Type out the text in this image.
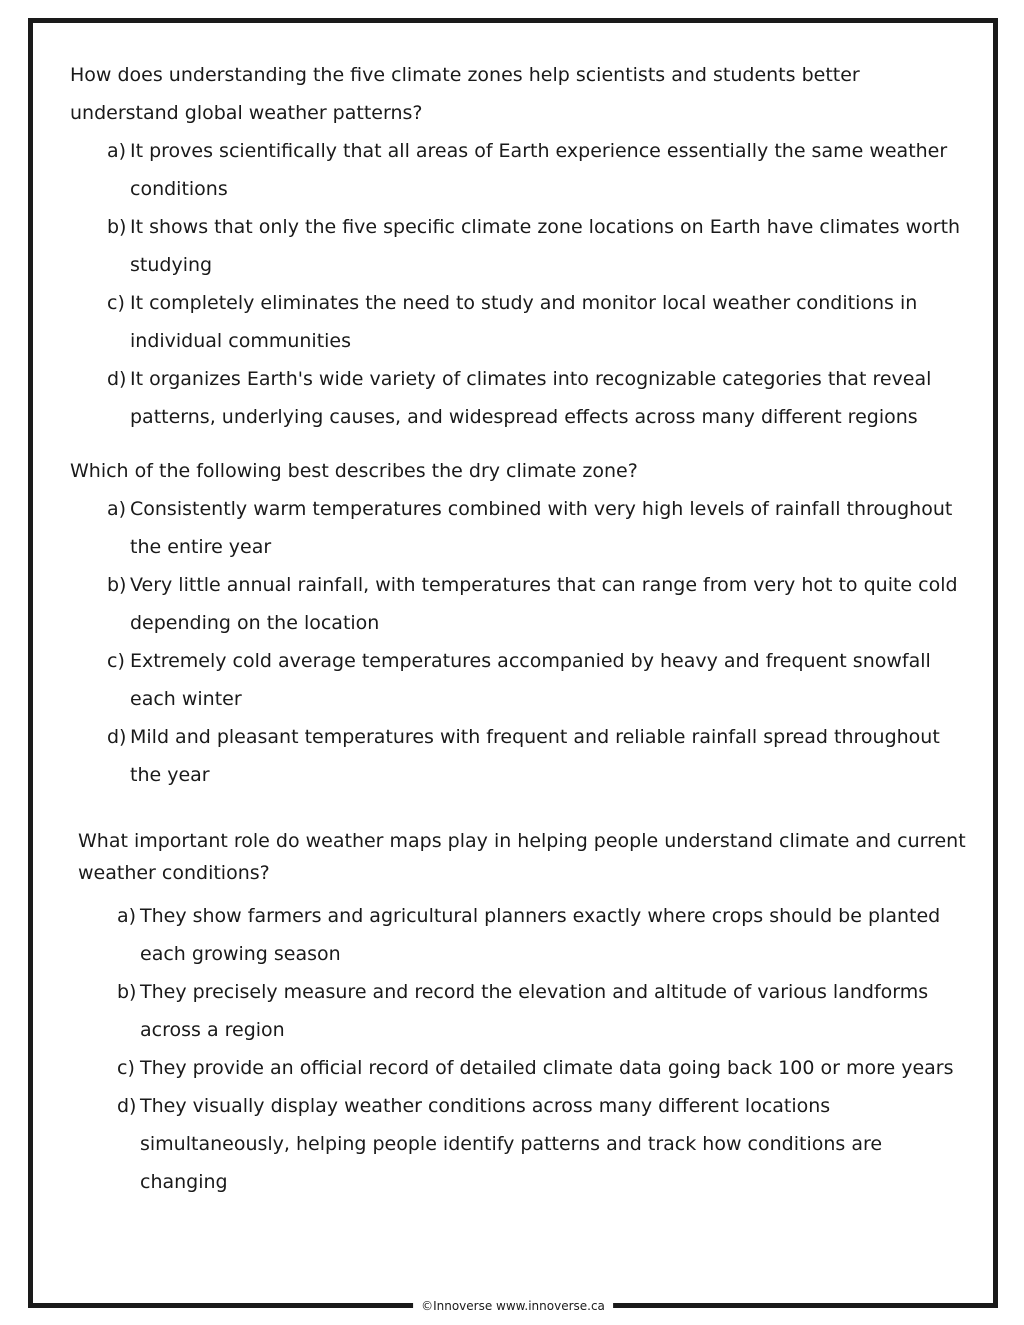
How does understanding the five climate zones help scientists and students better understand global weather patterns?

a) It proves scientifically that all areas of Earth experience essentially the same weather conditions
b) It shows that only the five specific climate zone locations on Earth have climates worth studying
c) It completely eliminates the need to study and monitor local weather conditions in individual communities
d) It organizes Earth's wide variety of climates into recognizable categories that reveal patterns, underlying causes, and widespread effects across many different regions

Which of the following best describes the dry climate zone?

a) Consistently warm temperatures combined with very high levels of rainfall throughout the entire year
b) Very little annual rainfall, with temperatures that can range from very hot to quite cold depending on the location
c) Extremely cold average temperatures accompanied by heavy and frequent snowfall each winter
d) Mild and pleasant temperatures with frequent and reliable rainfall spread throughout the year

What important role do weather maps play in helping people understand climate and current weather conditions?

a) They show farmers and agricultural planners exactly where crops should be planted each growing season
b) They precisely measure and record the elevation and altitude of various landforms across a region
c) They provide an official record of detailed climate data going back 100 or more years
d) They visually display weather conditions across many different locations simultaneously, helping people identify patterns and track how conditions are changing
©Innoverse www.innoverse.ca
